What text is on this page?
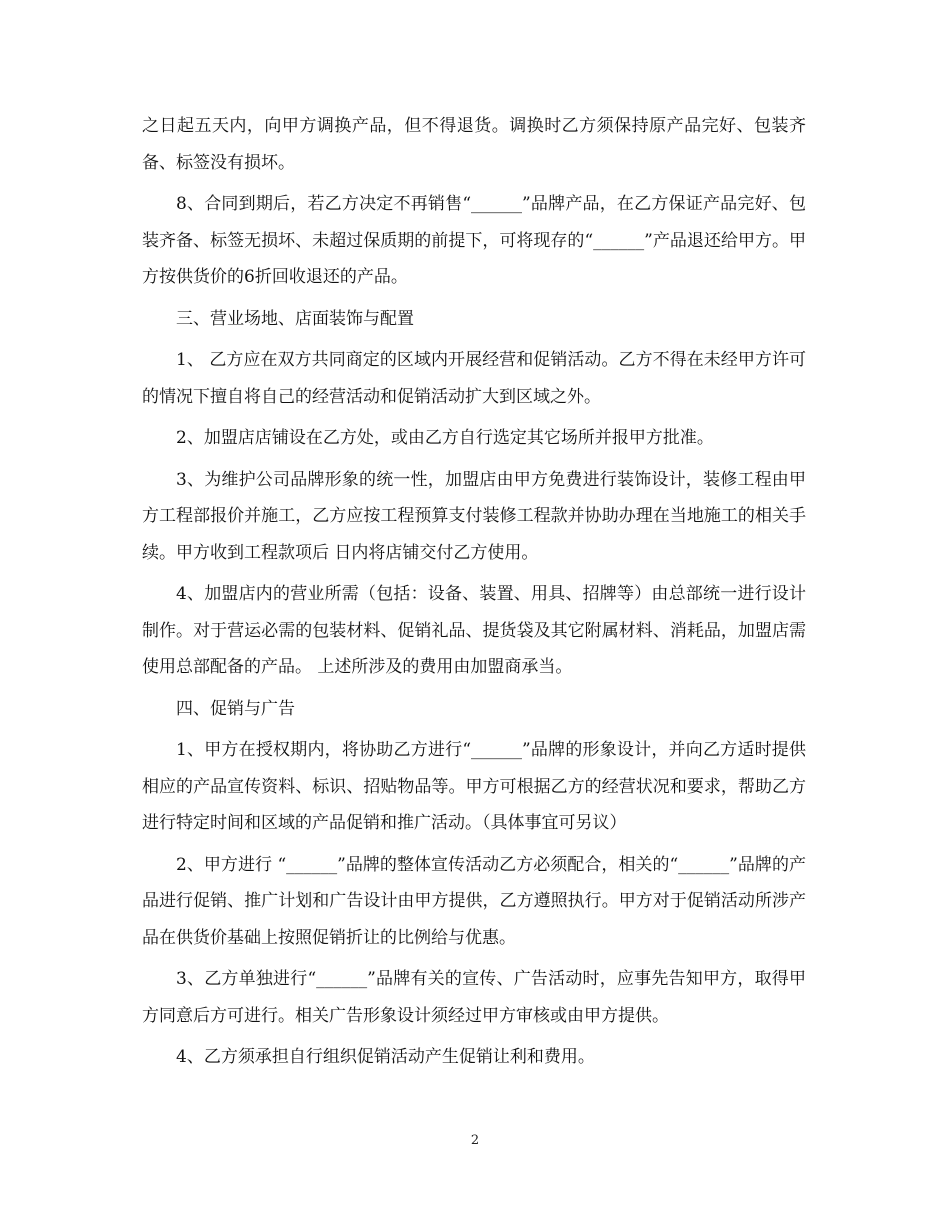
之日起五天内，向甲方调换产品，但不得退货。调换时乙方须保持原产品完好、包装齐备、标签没有损坏。

8、合同到期后，若乙方决定不再销售“______”品牌产品，在乙方保证产品完好、包装齐备、标签无损坏、未超过保质期的前提下，可将现存的“______”产品退还给甲方。甲方按供货价的6折回收退还的产品。

三、营业场地、店面装饰与配置

1、 乙方应在双方共同商定的区域内开展经营和促销活动。乙方不得在未经甲方许可的情况下擅自将自己的经营活动和促销活动扩大到区域之外。

2、加盟店店铺设在乙方处，或由乙方自行选定其它场所并报甲方批准。

3、为维护公司品牌形象的统一性，加盟店由甲方免费进行装饰设计，装修工程由甲方工程部报价并施工，乙方应按工程预算支付装修工程款并协助办理在当地施工的相关手续。甲方收到工程款项后 日内将店铺交付乙方使用。

4、加盟店内的营业所需（包括：设备、装置、用具、招牌等）由总部统一进行设计制作。对于营运必需的包装材料、促销礼品、提货袋及其它附属材料、消耗品，加盟店需使用总部配备的产品。 上述所涉及的费用由加盟商承当。

四、促销与广告

1、甲方在授权期内，将协助乙方进行“______”品牌的形象设计，并向乙方适时提供相应的产品宣传资料、标识、招贴物品等。甲方可根据乙方的经营状况和要求，帮助乙方进行特定时间和区域的产品促销和推广活动。（具体事宜可另议）

2、甲方进行 “______”品牌的整体宣传活动乙方必须配合，相关的“______”品牌的产品进行促销、推广计划和广告设计由甲方提供，乙方遵照执行。甲方对于促销活动所涉产品在供货价基础上按照促销折让的比例给与优惠。

3、乙方单独进行“______”品牌有关的宣传、广告活动时，应事先告知甲方，取得甲方同意后方可进行。相关广告形象设计须经过甲方审核或由甲方提供。

4、乙方须承担自行组织促销活动产生促销让利和费用。

2
